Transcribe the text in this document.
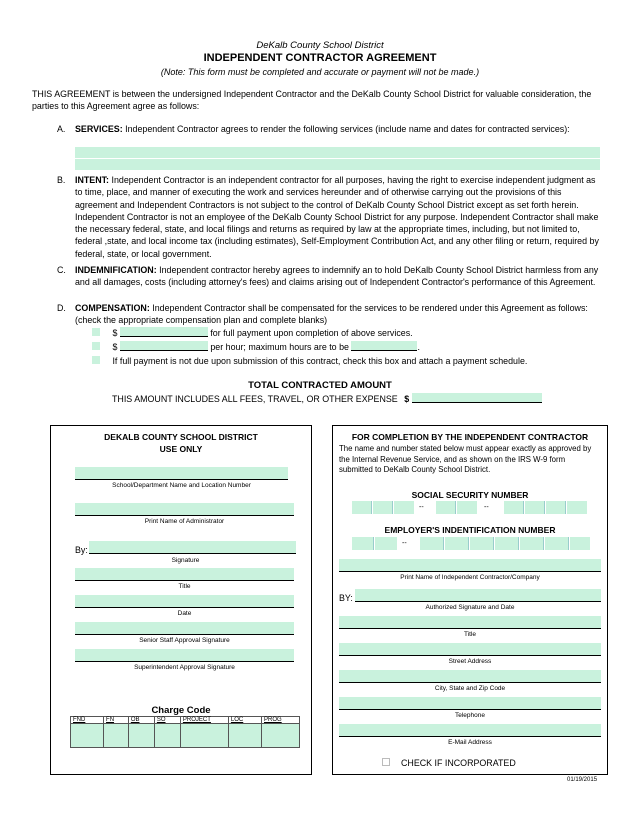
DeKalb County School District
INDEPENDENT CONTRACTOR AGREEMENT
(Note: This form must be completed and accurate or payment will not be made.)
THIS AGREEMENT is between the undersigned Independent Contractor and the DeKalb County School District for valuable consideration, the parties to this Agreement agree as follows:
A. SERVICES: Independent Contractor agrees to render the following services (include name and dates for contracted services):
B. INTENT: Independent Contractor is an independent contractor for all purposes, having the right to exercise independent judgment as to time, place, and manner of executing the work and services hereunder and of otherwise carrying out the provisions of this agreement and Independent Contractors is not subject to the control of DeKalb County School District except as set forth herein. Independent Contractor is not an employee of the DeKalb County School District for any purpose. Independent Contractor shall make the necessary federal, state, and local filings and returns as required by law at the appropriate times, including, but not limited to, federal ,state, and local income tax (including estimates), Self-Employment Contribution Act, and any other filing or return, required by federal, state, or local government.
C. INDEMNIFICATION: Independent contractor hereby agrees to indemnify an to hold DeKalb County School District harmless from any and all damages, costs (including attorney's fees) and claims arising out of Independent Contractor's performance of this Agreement.
D. COMPENSATION: Independent Contractor shall be compensated for the services to be rendered under this Agreement as follows: (check the appropriate compensation plan and complete blanks)
$	for full payment upon completion of above services.
$	per hour; maximum hours are to be	.
If full payment is not due upon submission of this contract, check this box and attach a payment schedule.
TOTAL CONTRACTED AMOUNT
THIS AMOUNT INCLUDES ALL FEES, TRAVEL, OR OTHER EXPENSE $
DEKALB COUNTY SCHOOL DISTRICT
USE ONLY
School/Department Name and Location Number
Print Name of Administrator
By:
Signature
Title
Date
Senior Staff Approval Signature
Superintendent Approval Signature
Charge Code
FND	FN	OB	SO	PROJECT	LOC	PROG

FOR COMPLETION BY THE INDEPENDENT CONTRACTOR
The name and number stated below must appear exactly as approved by the Internal Revenue Service, and as shown on the IRS W-9 form submitted to DeKalb County School District.
SOCIAL SECURITY NUMBER
--	--
EMPLOYER'S INDENTIFICATION NUMBER
--
Print Name of Independent Contractor/Company
BY:
Authorized Signature and Date
Title
Street Address
City, State and Zip Code
Telephone
E-Mail Address
CHECK IF INCORPORATED
01/19/2015
